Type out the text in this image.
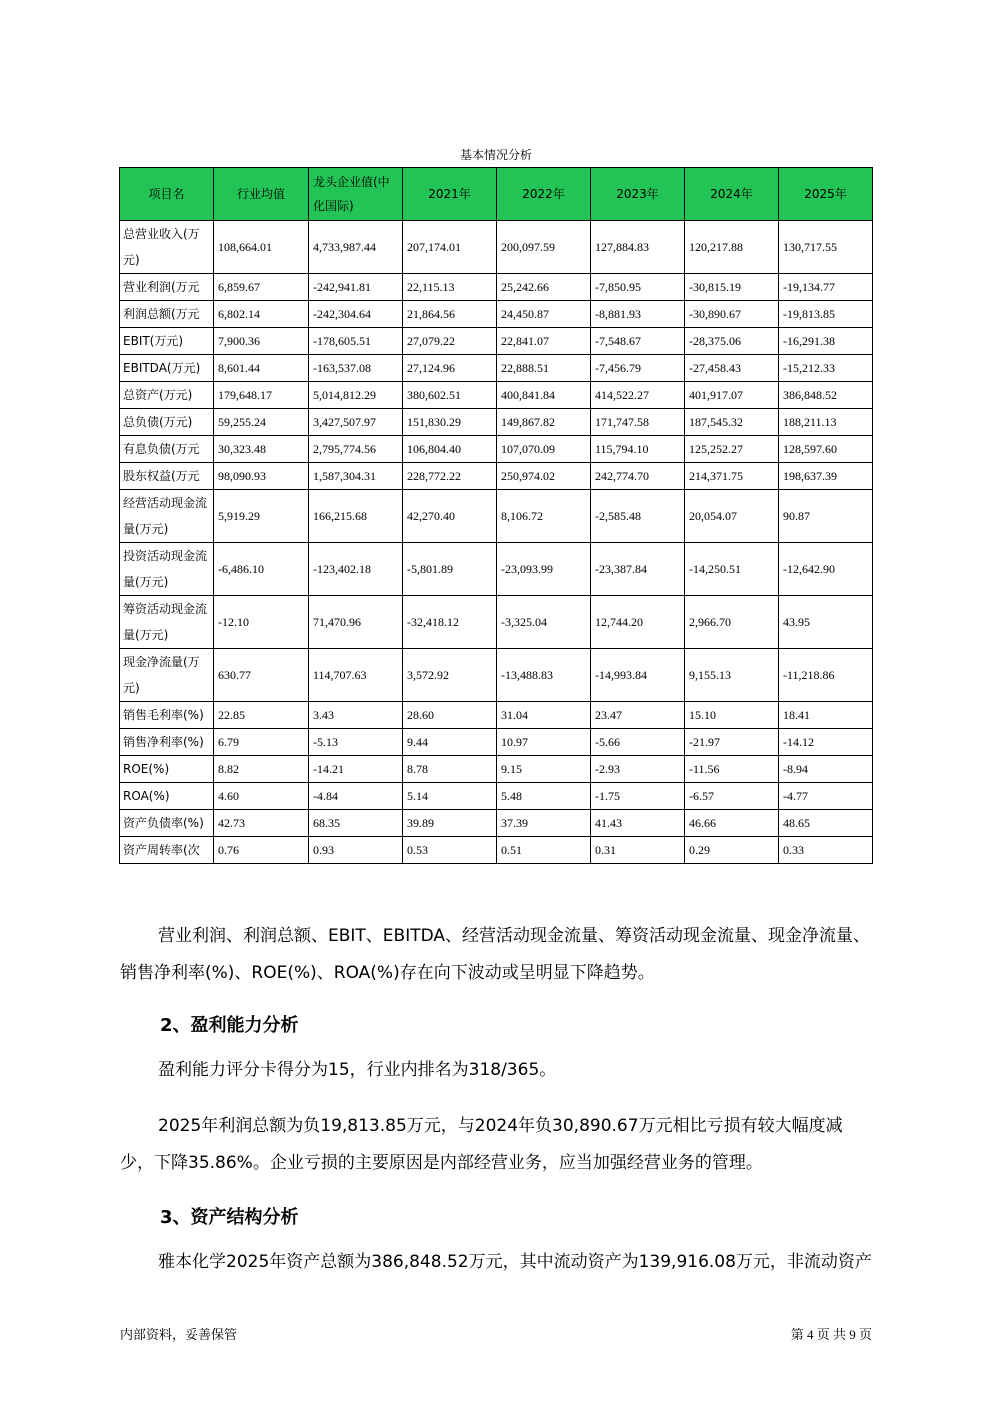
基本情况分析
项目名	行业均值	龙头企业值(中化国际)	2021年	2022年	2023年	2024年	2025年
总营业收入(万元)	108,664.01	4,733,987.44	207,174.01	200,097.59	127,884.83	120,217.88	130,717.55
营业利润(万元	6,859.67	-242,941.81	22,115.13	25,242.66	-7,850.95	-30,815.19	-19,134.77
利润总额(万元	6,802.14	-242,304.64	21,864.56	24,450.87	-8,881.93	-30,890.67	-19,813.85
EBIT(万元)	7,900.36	-178,605.51	27,079.22	22,841.07	-7,548.67	-28,375.06	-16,291.38
EBITDA(万元)	8,601.44	-163,537.08	27,124.96	22,888.51	-7,456.79	-27,458.43	-15,212.33
总资产(万元)	179,648.17	5,014,812.29	380,602.51	400,841.84	414,522.27	401,917.07	386,848.52
总负债(万元)	59,255.24	3,427,507.97	151,830.29	149,867.82	171,747.58	187,545.32	188,211.13
有息负债(万元	30,323.48	2,795,774.56	106,804.40	107,070.09	115,794.10	125,252.27	128,597.60
股东权益(万元	98,090.93	1,587,304.31	228,772.22	250,974.02	242,774.70	214,371.75	198,637.39
经营活动现金流量(万元)	5,919.29	166,215.68	42,270.40	8,106.72	-2,585.48	20,054.07	90.87
投资活动现金流量(万元)	-6,486.10	-123,402.18	-5,801.89	-23,093.99	-23,387.84	-14,250.51	-12,642.90
筹资活动现金流量(万元)	-12.10	71,470.96	-32,418.12	-3,325.04	12,744.20	2,966.70	43.95
现金净流量(万元)	630.77	114,707.63	3,572.92	-13,488.83	-14,993.84	9,155.13	-11,218.86
销售毛利率(%)	22.85	3.43	28.60	31.04	23.47	15.10	18.41
销售净利率(%)	6.79	-5.13	9.44	10.97	-5.66	-21.97	-14.12
ROE(%)	8.82	-14.21	8.78	9.15	-2.93	-11.56	-8.94
ROA(%)	4.60	-4.84	5.14	5.48	-1.75	-6.57	-4.77
资产负债率(%)	42.73	68.35	39.89	37.39	41.43	46.66	48.65
资产周转率(次	0.76	0.93	0.53	0.51	0.31	0.29	0.33
营业利润、利润总额、EBIT、EBITDA、经营活动现金流量、筹资活动现金流量、现金净流量、销售净利率(%)、ROE(%)、ROA(%)存在向下波动或呈明显下降趋势。
2、盈利能力分析
盈利能力评分卡得分为15，行业内排名为318/365。
2025年利润总额为负19,813.85万元，与2024年负30,890.67万元相比亏损有较大幅度减少，下降35.86%。企业亏损的主要原因是内部经营业务，应当加强经营业务的管理。
3、资产结构分析
雅本化学2025年资产总额为386,848.52万元，其中流动资产为139,916.08万元，非流动资产
内部资料，妥善保管	第 4 页 共 9 页
